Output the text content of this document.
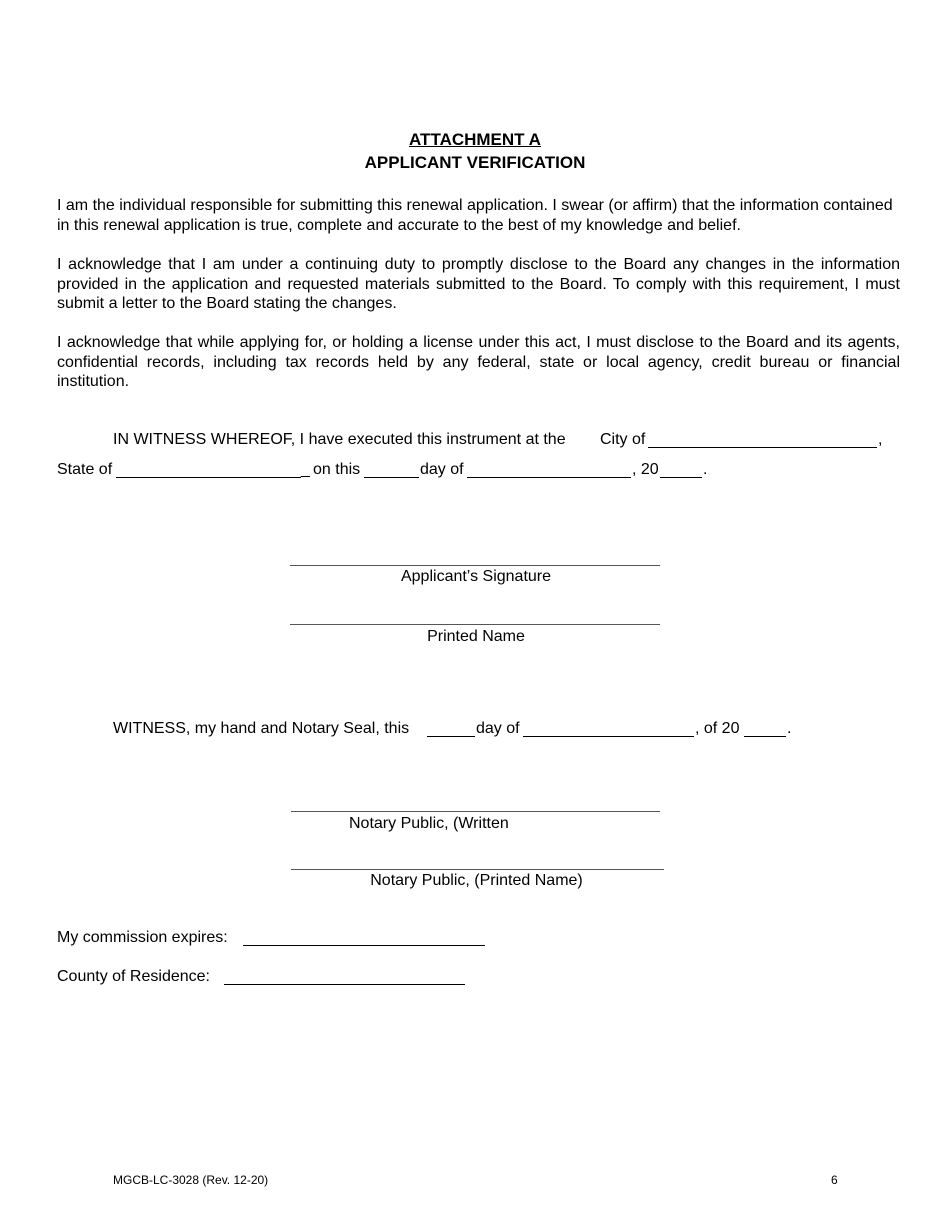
ATTACHMENT A
APPLICANT VERIFICATION
I am the individual responsible for submitting this renewal application. I swear (or affirm) that the information contained in this renewal application is true, complete and accurate to the best of my knowledge and belief.
I acknowledge that I am under a continuing duty to promptly disclose to the Board any changes in the information provided in the application and requested materials submitted to the Board. To comply with this requirement, I must submit a letter to the Board stating the changes.
I acknowledge that while applying for, or holding a license under this act, I must disclose to the Board and its agents, confidential records, including tax records held by any federal, state or local agency, credit bureau or financial institution.
IN WITNESS WHEREOF, I have executed this instrument at the City of	,
State of	_ on this	day of	, 20	.
Applicant’s Signature
Printed Name
WITNESS, my hand and Notary Seal, this	day of	, of 20	.
Notary Public, (Written
Notary Public, (Printed Name)
My commission expires:
County of Residence:
MGCB-LC-3028 (Rev. 12-20)	6
